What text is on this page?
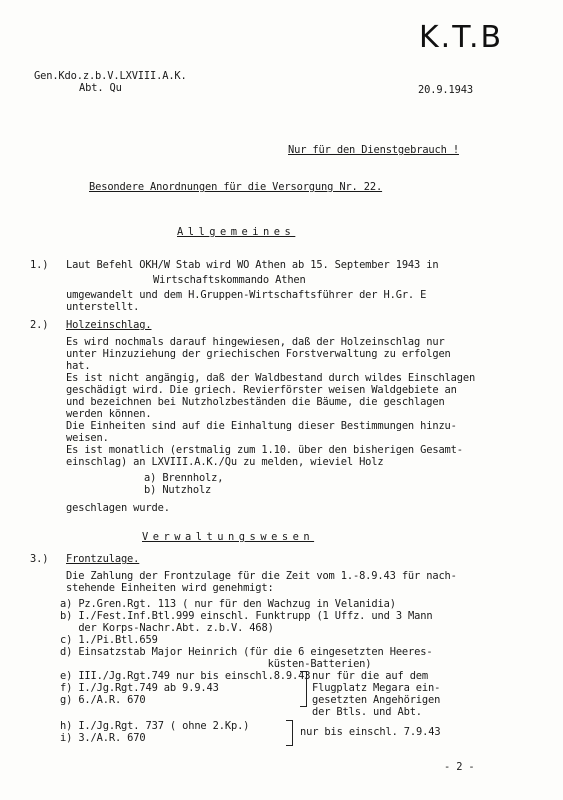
K.T.B
Gen.Kdo.z.b.V.LXVIII.A.K.
Abt. Qu	20.9.1943
Nur für den Dienstgebrauch !
Besondere Anordnungen für die Versorgung Nr. 22.
Allgemeines
1.) Laut Befehl OKH/W Stab wird WO Athen ab 15. September 1943 in
Wirtschaftskommando Athen
umgewandelt und dem H.Gruppen-Wirtschaftsführer der H.Gr. E
unterstellt.
2.) Holzeinschlag.
Es wird nochmals darauf hingewiesen, daß der Holzeinschlag nur
unter Hinzuziehung der griechischen Forstverwaltung zu erfolgen
hat.
Es ist nicht angängig, daß der Waldbestand durch wildes Einschlagen
geschädigt wird. Die griech. Revierförster weisen Waldgebiete an
und bezeichnen bei Nutzholzbeständen die Bäume, die geschlagen
werden können.
Die Einheiten sind auf die Einhaltung dieser Bestimmungen hinzu-
weisen.
Es ist monatlich (erstmalig zum 1.10. über den bisherigen Gesamt-
einschlag) an LXVIII.A.K./Qu zu melden, wieviel Holz
a) Brennholz,
b) Nutzholz
geschlagen wurde.
Verwaltungswesen
3.) Frontzulage.
Die Zahlung der Frontzulage für die Zeit vom 1.-8.9.43 für nach-
stehende Einheiten wird genehmigt:
a) Pz.Gren.Rgt. 113 ( nur für den Wachzug in Velanidia)
b) I./Fest.Inf.Btl.999 einschl. Funktrupp (1 Uffz. und 3 Mann
der Korps-Nachr.Abt. z.b.V. 468)
c) 1./Pi.Btl.659
d) Einsatzstab Major Heinrich (für die 6 eingesetzten Heeres-
küsten-Batterien)
e) III./Jg.Rgt.749 nur bis einschl.8.9.43
f) I./Jg.Rgt.749 ab 9.9.43
g) 6./A.R. 670
nur für die auf dem
Flugplatz Megara ein-
gesetzten Angehörigen
der Btls. und Abt.
h) I./Jg.Rgt. 737 ( ohne 2.Kp.)
i) 3./A.R. 670	nur bis einschl. 7.9.43
- 2 -
